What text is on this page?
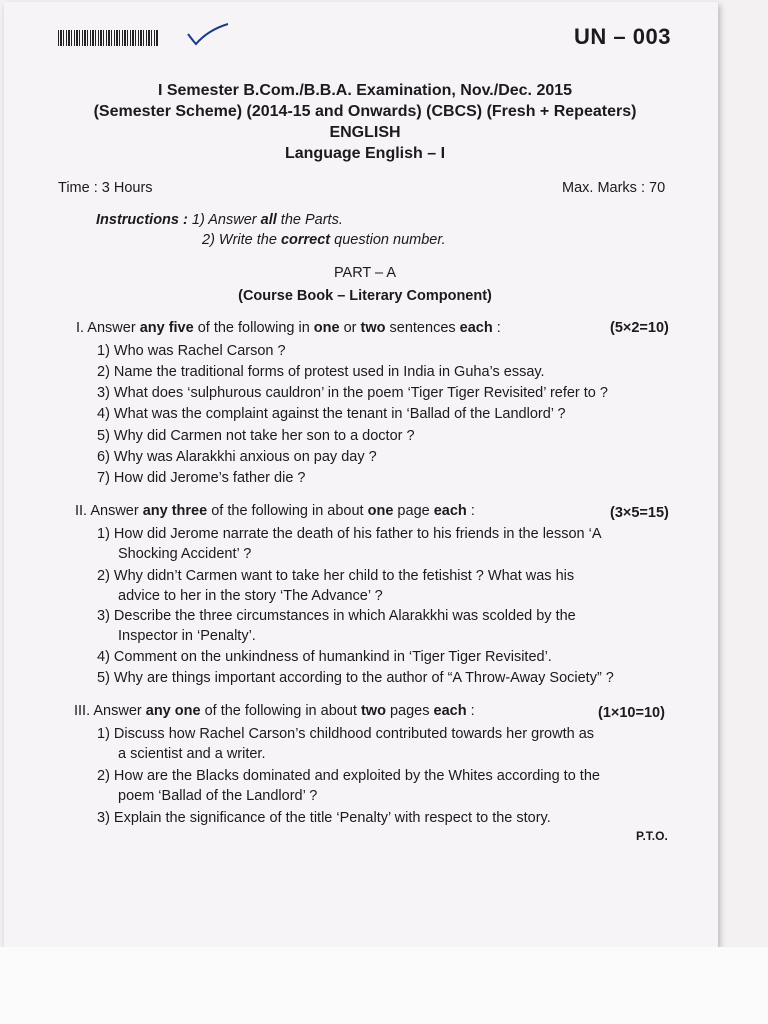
UN – 003
I Semester B.Com./B.B.A. Examination, Nov./Dec. 2015
(Semester Scheme) (2014-15 and Onwards) (CBCS) (Fresh + Repeaters)
ENGLISH
Language English – I
Time : 3 Hours	Max. Marks : 70
Instructions : 1) Answer all the Parts.
2) Write the correct question number.
PART – A
(Course Book – Literary Component)
I. Answer any five of the following in one or two sentences each :	(5×2=10)
1) Who was Rachel Carson ?
2) Name the traditional forms of protest used in India in Guha’s essay.
3) What does ‘sulphurous cauldron’ in the poem ‘Tiger Tiger Revisited’ refer to ?
4) What was the complaint against the tenant in ‘Ballad of the Landlord’ ?
5) Why did Carmen not take her son to a doctor ?
6) Why was Alarakkhi anxious on pay day ?
7) How did Jerome’s father die ?
II. Answer any three of the following in about one page each :	(3×5=15)
1) How did Jerome narrate the death of his father to his friends in the lesson ‘A
Shocking Accident’ ?
2) Why didn’t Carmen want to take her child to the fetishist ? What was his
advice to her in the story ‘The Advance’ ?
3) Describe the three circumstances in which Alarakkhi was scolded by the
Inspector in ‘Penalty’.
4) Comment on the unkindness of humankind in ‘Tiger Tiger Revisited’.
5) Why are things important according to the author of “A Throw-Away Society” ?
III. Answer any one of the following in about two pages each :	(1×10=10)
1) Discuss how Rachel Carson’s childhood contributed towards her growth as
a scientist and a writer.
2) How are the Blacks dominated and exploited by the Whites according to the
poem ‘Ballad of the Landlord’ ?
3) Explain the significance of the title ‘Penalty’ with respect to the story.
P.T.O.
